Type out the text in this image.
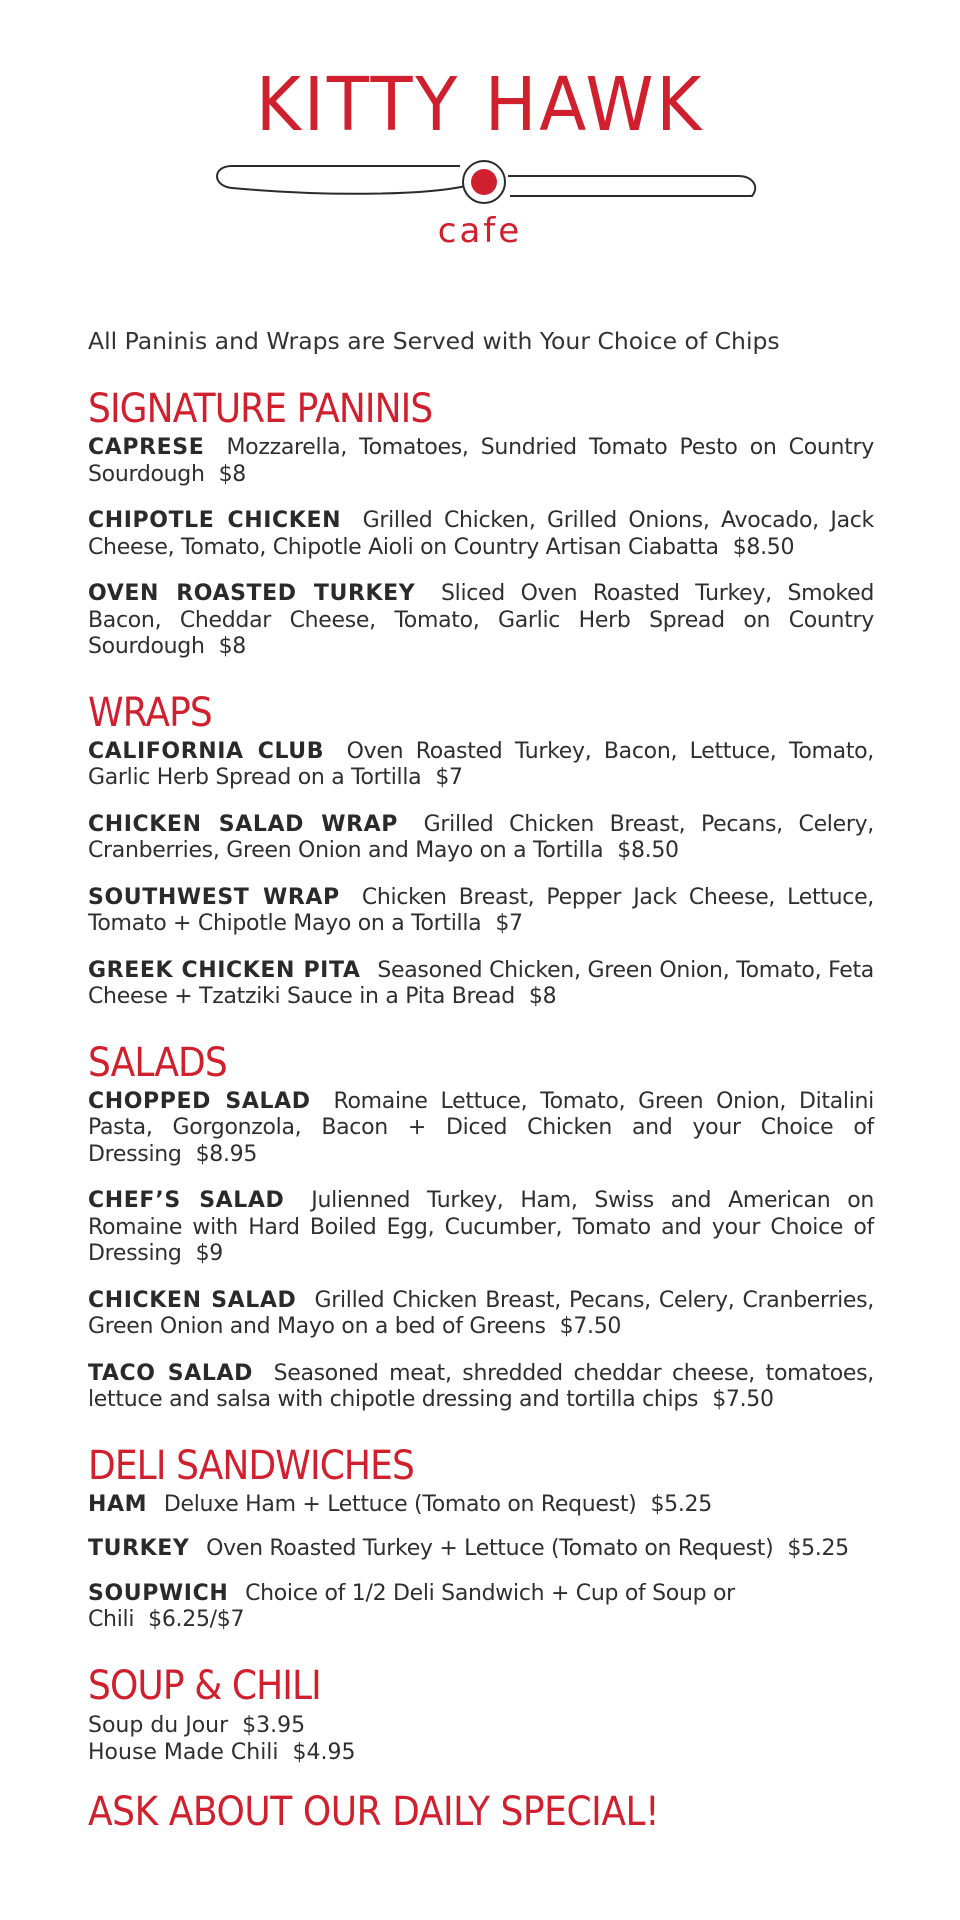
KITTY HAWK
cafe

All Paninis and Wraps are Served with Your Choice of Chips

SIGNATURE PANINIS

CAPRESE Mozzarella, Tomatoes, Sundried Tomato Pesto on Country Sourdough $8

CHIPOTLE CHICKEN Grilled Chicken, Grilled Onions, Avocado, Jack Cheese, Tomato, Chipotle Aioli on Country Artisan Ciabatta $8.50

OVEN ROASTED TURKEY Sliced Oven Roasted Turkey, Smoked Bacon, Cheddar Cheese, Tomato, Garlic Herb Spread on Country Sourdough $8

WRAPS

CALIFORNIA CLUB Oven Roasted Turkey, Bacon, Lettuce, Tomato, Garlic Herb Spread on a Tortilla $7

CHICKEN SALAD WRAP Grilled Chicken Breast, Pecans, Celery, Cranberries, Green Onion and Mayo on a Tortilla $8.50

SOUTHWEST WRAP Chicken Breast, Pepper Jack Cheese, Lettuce, Tomato + Chipotle Mayo on a Tortilla $7

GREEK CHICKEN PITA Seasoned Chicken, Green Onion, Tomato, Feta Cheese + Tzatziki Sauce in a Pita Bread $8

SALADS

CHOPPED SALAD Romaine Lettuce, Tomato, Green Onion, Ditalini Pasta, Gorgonzola, Bacon + Diced Chicken and your Choice of Dressing $8.95

CHEF’S SALAD Julienned Turkey, Ham, Swiss and American on Romaine with Hard Boiled Egg, Cucumber, Tomato and your Choice of Dressing $9

CHICKEN SALAD Grilled Chicken Breast, Pecans, Celery, Cranberries, Green Onion and Mayo on a bed of Greens $7.50

TACO SALAD Seasoned meat, shredded cheddar cheese, tomatoes, lettuce and salsa with chipotle dressing and tortilla chips $7.50

DELI SANDWICHES

HAM Deluxe Ham + Lettuce (Tomato on Request) $5.25

TURKEY Oven Roasted Turkey + Lettuce (Tomato on Request) $5.25

SOUPWICH Choice of 1/2 Deli Sandwich + Cup of Soup or Chili $6.25/$7

SOUP & CHILI
Soup du Jour $3.95
House Made Chili $4.95
ASK ABOUT OUR DAILY SPECIAL!
